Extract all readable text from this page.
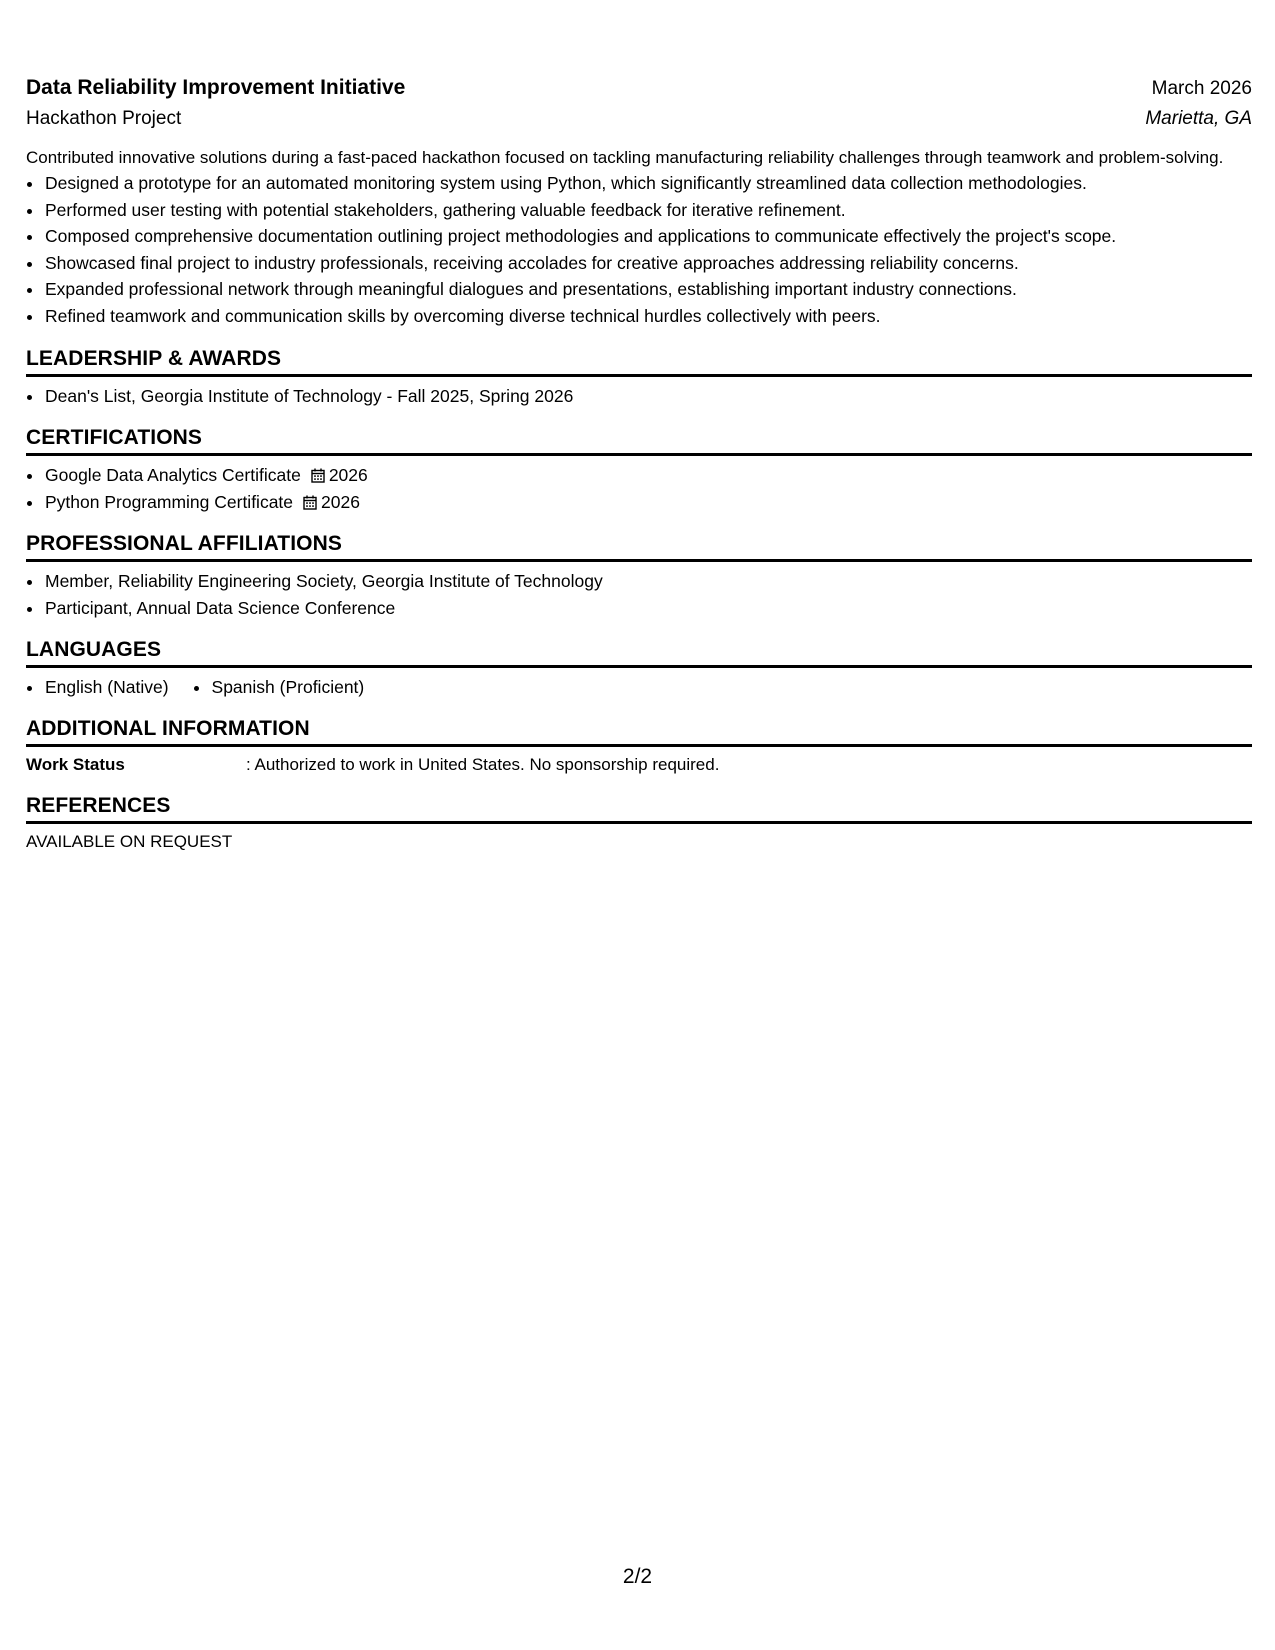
Data Reliability Improvement Initiative	March 2026
Hackathon Project	Marietta, GA
Contributed innovative solutions during a fast-paced hackathon focused on tackling manufacturing reliability challenges through teamwork and problem-solving.
• Designed a prototype for an automated monitoring system using Python, which significantly streamlined data collection methodologies.
• Performed user testing with potential stakeholders, gathering valuable feedback for iterative refinement.
• Composed comprehensive documentation outlining project methodologies and applications to communicate effectively the project's scope.
• Showcased final project to industry professionals, receiving accolades for creative approaches addressing reliability concerns.
• Expanded professional network through meaningful dialogues and presentations, establishing important industry connections.
• Refined teamwork and communication skills by overcoming diverse technical hurdles collectively with peers.
LEADERSHIP & AWARDS
• Dean's List, Georgia Institute of Technology - Fall 2025, Spring 2026
CERTIFICATIONS
• Google Data Analytics Certificate 2026
• Python Programming Certificate 2026
PROFESSIONAL AFFILIATIONS
• Member, Reliability Engineering Society, Georgia Institute of Technology
• Participant, Annual Data Science Conference
LANGUAGES
• English (Native)
• Spanish (Proficient)
ADDITIONAL INFORMATION
Work Status	: Authorized to work in United States. No sponsorship required.
REFERENCES
AVAILABLE ON REQUEST
2/2
